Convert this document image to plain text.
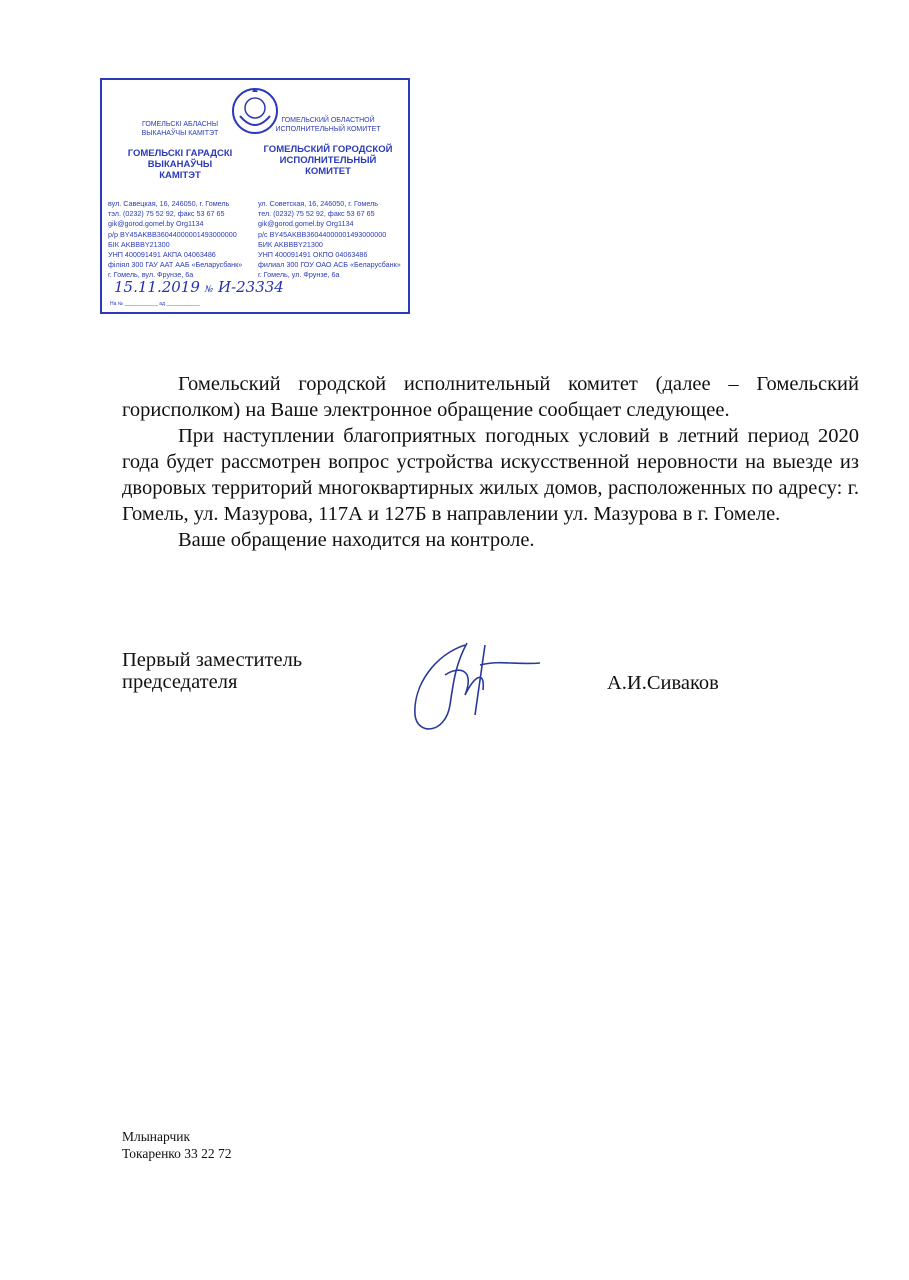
ГОМЕЛЬСКІ АБЛАСНЫ
ВЫКАНАЎЧЫ КАМІТЭТ
ГОМЕЛЬСКІ ГАРАДСКІ
ВЫКАНАЎЧЫ
КАМІТЭТ
ГОМЕЛЬСКИЙ ОБЛАСТНОЙ
ИСПОЛНИТЕЛЬНЫЙ КОМИТЕТ
ГОМЕЛЬСКИЙ ГОРОДСКОЙ
ИСПОЛНИТЕЛЬНЫЙ
КОМИТЕТ
вул. Савецкая, 16, 246050, г. Гомель
тэл. (0232) 75 52 92, факс 53 67 65
gik@gorod.gomel.by Org1134
р/р BY45AKBB36044000001493000000
БІК AKBBBY21300
УНП 400091491 АКПА 04063486
філіял 300 ГАУ ААТ ААБ «Беларусбанк»
г. Гомель, вул. Фрунзе, 6а
ул. Советская, 16, 246050, г. Гомель
тел. (0232) 75 52 92, факс 53 67 65
gik@gorod.gomel.by Org1134
р/с BY45AKBB36044000001493000000
БИК AKBBBY21300
УНП 400091491 ОКПО 04063486
филиал 300 ГОУ ОАО АСБ «Беларусбанк»
г. Гомель, ул. Фрунзе, 6а
15.11.2019 № И-23334
На № ____________ ад ____________

Гомельский городской исполнительный комитет (далее – Гомельский горисполком) на Ваше электронное обращение сообщает следующее.

При наступлении благоприятных погодных условий в летний период 2020 года будет рассмотрен вопрос устройства искусственной неровности на выезде из дворовых территорий многоквартирных жилых домов, расположенных по адресу: г. Гомель, ул. Мазурова, 117А и 127Б в направлении ул. Мазурова в г. Гомеле.

Ваше обращение находится на контроле.

Первый заместитель
председателя	А.И.Сиваков
Млынарчик
Токаренко 33 22 72
